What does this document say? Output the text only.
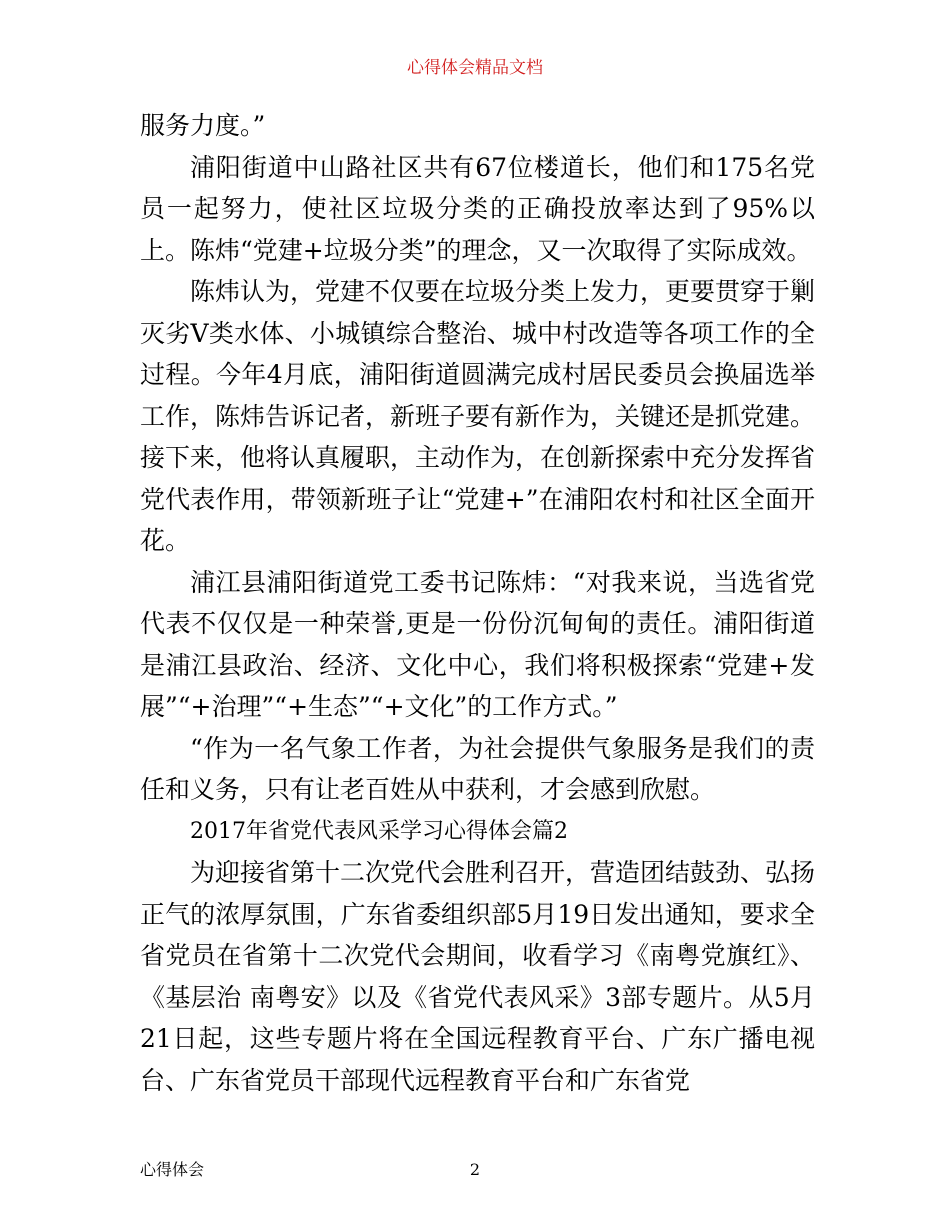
心得体会精品文档

服务力度。”

浦阳街道中山路社区共有67位楼道长，他们和175名党员一起努力，使社区垃圾分类的正确投放率达到了95%以上。陈炜“党建+垃圾分类”的理念，又一次取得了实际成效。

陈炜认为，党建不仅要在垃圾分类上发力，更要贯穿于剿灭劣Ⅴ类水体、小城镇综合整治、城中村改造等各项工作的全过程。今年4月底，浦阳街道圆满完成村居民委员会换届选举工作，陈炜告诉记者，新班子要有新作为，关键还是抓党建。接下来，他将认真履职，主动作为，在创新探索中充分发挥省党代表作用，带领新班子让“党建+”在浦阳农村和社区全面开花。

浦江县浦阳街道党工委书记陈炜：“对我来说，当选省党代表不仅仅是一种荣誉,更是一份份沉甸甸的责任。浦阳街道是浦江县政治、经济、文化中心，我们将积极探索“党建+发展”“+治理”“+生态”“+文化”的工作方式。”

“作为一名气象工作者，为社会提供气象服务是我们的责任和义务，只有让老百姓从中获利，才会感到欣慰。

2017年省党代表风采学习心得体会篇2

为迎接省第十二次党代会胜利召开，营造团结鼓劲、弘扬正气的浓厚氛围，广东省委组织部5月19日发出通知，要求全省党员在省第十二次党代会期间，收看学习《南粤党旗红》、《基层治 南粤安》以及《省党代表风采》3部专题片。从5月21日起，这些专题片将在全国远程教育平台、广东广播电视台、广东省党员干部现代远程教育平台和广东省党

心得体会	2
